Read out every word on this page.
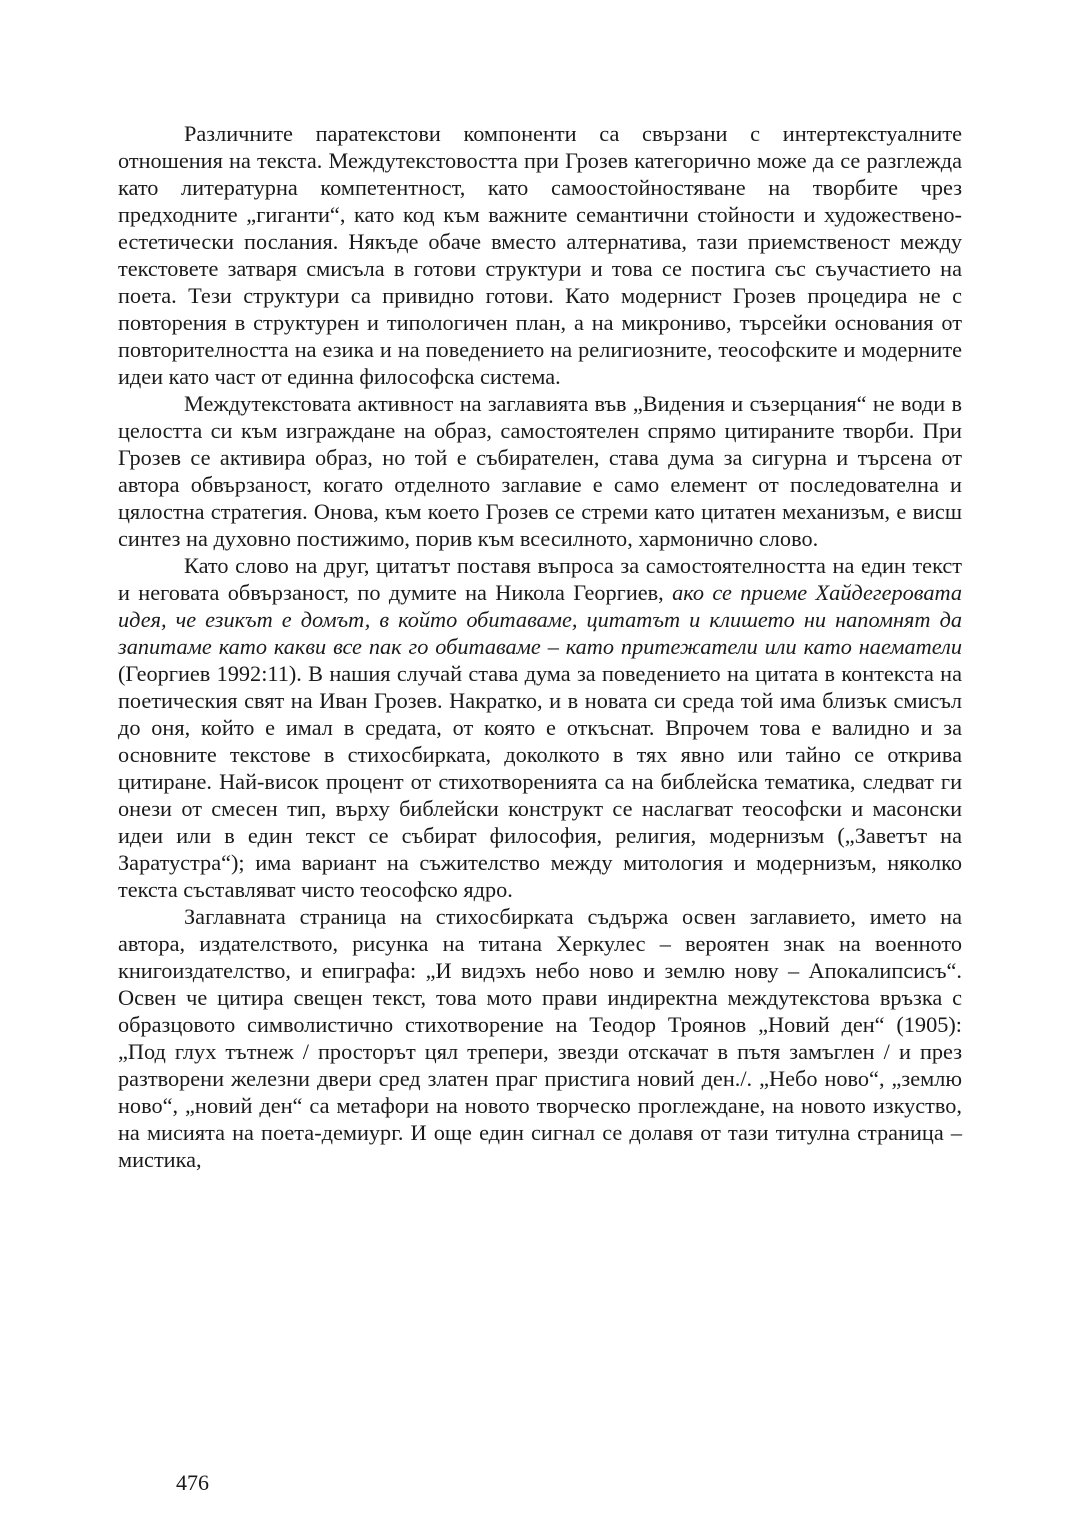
Различните паратекстови компоненти са свързани с интертекстуалните отношения на текста. Междутекстовостта при Грозев категорично може да се разглежда като литературна компетентност, като самоостойностяване на творбите чрез предходните „гиганти“, като код към важните семантични стойности и художествено-естетически послания. Някъде обаче вместо алтернатива, тази приемственост между текстовете затваря смисъла в готови структури и това се постига със съучастието на поета. Тези структури са привидно готови. Като модернист Грозев процедира не с повторения в структурен и типологичен план, а на микрониво, търсейки основания от повторителността на езика и на поведението на религиозните, теософските и модерните идеи като част от единна философска система.

Междутекстовата активност на заглавията във „Видения и съзерцания“ не води в целостта си към изграждане на образ, самостоятелен спрямо цитираните творби. При Грозев се активира образ, но той е събирателен, става дума за сигурна и търсена от автора обвързаност, когато отделното заглавие е само елемент от последователна и цялостна стратегия. Онова, към което Грозев се стреми като цитатен механизъм, е висш синтез на духовно постижимо, порив към всесилното, хармонично слово.

Като слово на друг, цитатът поставя въпроса за самостоятелността на един текст и неговата обвързаност, по думите на Никола Георгиев, ако се приеме Хайдегеровата идея, че езикът е домът, в който обитаваме, цитатът и клишето ни напомнят да запитаме като какви все пак го обитаваме – като притежатели или като наематели (Георгиев 1992:11). В нашия случай става дума за поведението на цитата в контекста на поетическия свят на Иван Грозев. Накратко, и в новата си среда той има близък смисъл до оня, който е имал в средата, от която е откъснат. Впрочем това е валидно и за основните текстове в стихосбирката, доколкото в тях явно или тайно се открива цитиране. Най-висок процент от стихотворенията са на библейска тематика, следват ги онези от смесен тип, върху библейски конструкт се наслагват теософски и масонски идеи или в един текст се събират философия, религия, модернизъм („Заветът на Заратустра“); има вариант на съжителство между митология и модернизъм, няколко текста съставляват чисто теософско ядро.

Заглавната страница на стихосбирката съдържа освен заглавието, името на автора, издателството, рисунка на титана Херкулес – вероятен знак на военното книгоиздателство, и епиграфа: „И видэхъ небо ново и землю нову – Апокалипсисъ“. Освен че цитира свещен текст, това мото прави индиректна междутекстова връзка с образцовото символистично стихотворение на Теодор Троянов „Новий ден“ (1905): „Под глух тътнеж / просторът цял трепери, звезди отскачат в пътя замъглен / и през разтворени железни двери сред златен праг пристига новий ден./. „Небо ново“, „землю ново“, „новий ден“ са метафори на новото творческо проглеждане, на новото изкуство, на мисията на поета-демиург. И още един сигнал се долавя от тази титулна страница – мистика,

476
